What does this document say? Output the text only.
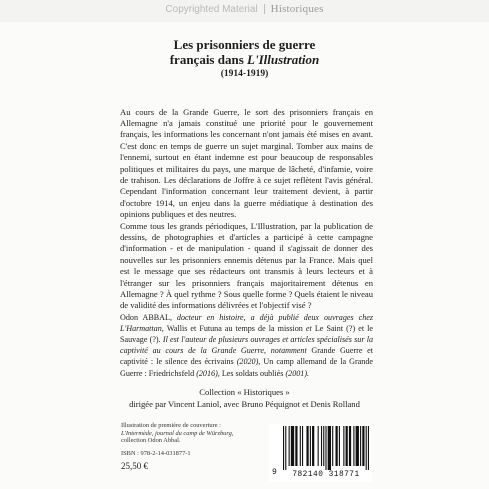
Copyrighted Material Historiques
Les prisonniers de guerre
français dans L'Illustration
(1914-1919)

Au cours de la Grande Guerre, le sort des prisonniers français en Allemagne n'a jamais constitué une priorité pour le gouvernement français, les informations les concernant n'ont jamais été mises en avant. C'est donc en temps de guerre un sujet marginal. Tomber aux mains de l'ennemi, surtout en étant indemne est pour beaucoup de responsables politiques et militaires du pays, une marque de lâcheté, d'infamie, voire de trahison. Les déclarations de Joffre à ce sujet reflètent l'avis général. Cependant l'information concernant leur traitement devient, à partir d'octobre 1914, un enjeu dans la guerre médiatique à destination des opinions publiques et des neutres.

Comme tous les grands périodiques, L'Illustration, par la publication de dessins, de photographies et d'articles a participé à cette campagne d'information - et de manipulation - quand il s'agissait de donner des nouvelles sur les prisonniers ennemis détenus par la France. Mais quel est le message que ses rédacteurs ont transmis à leurs lecteurs et à l'étranger sur les prisonniers français majoritairement détenus en Allemagne ? À quel rythme ? Sous quelle forme ? Quels étaient le niveau de validité des informations délivrées et l'objectif visé ?

Odon ABBAL, docteur en histoire, a déjà publié deux ouvrages chez L'Harmattan, Wallis et Futuna au temps de la mission et Le Saint (?) et le Sauvage (?). Il est l'auteur de plusieurs ouvrages et articles spécialisés sur la captivité au cours de la Grande Guerre, notamment Grande Guerre et captivité : le silence des écrivains (2020), Un camp allemand de la Grande Guerre : Friedrichsfeld (2016), Les soldats oubliés (2001).

Collection « Historiques »
dirigée par Vincent Laniol, avec Bruno Péquignot et Denis Rolland
Illustration de première de couverture :
L'Intermède, journal du camp de Würzburg,
collection Odon Abbal.
ISBN : 978-2-14-031877-1
25,50 €
9	782140 318771
